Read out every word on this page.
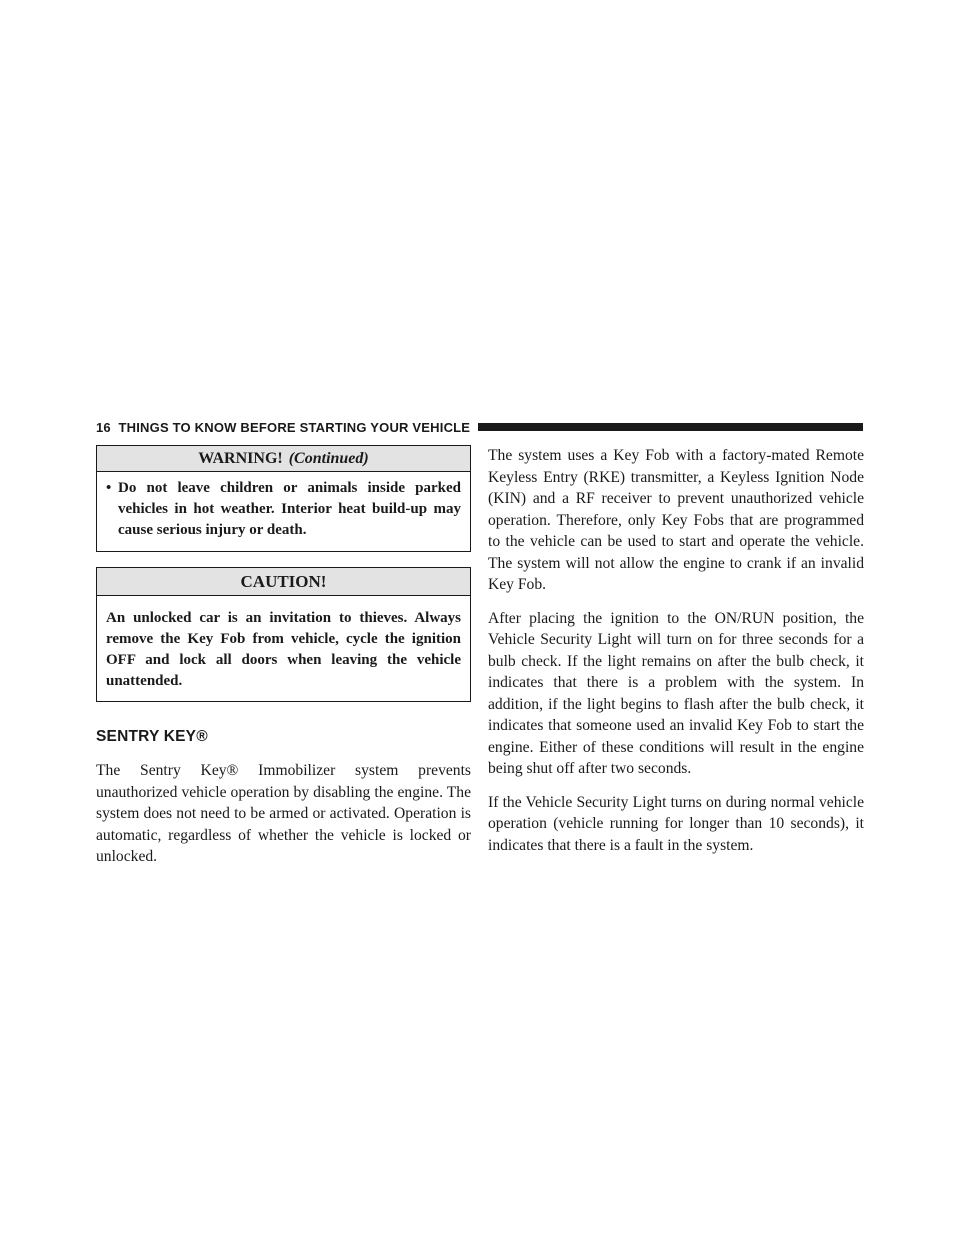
16 THINGS TO KNOW BEFORE STARTING YOUR VEHICLE
WARNING! (Continued)
• Do not leave children or animals inside parked vehicles in hot weather. Interior heat build-up may cause serious injury or death.
CAUTION!
An unlocked car is an invitation to thieves. Always remove the Key Fob from vehicle, cycle the ignition OFF and lock all doors when leaving the vehicle unattended.
SENTRY KEY®

The Sentry Key® Immobilizer system prevents unauthorized vehicle operation by disabling the engine. The system does not need to be armed or activated. Operation is automatic, regardless of whether the vehicle is locked or unlocked.

The system uses a Key Fob with a factory-mated Remote Keyless Entry (RKE) transmitter, a Keyless Ignition Node (KIN) and a RF receiver to prevent unauthorized vehicle operation. Therefore, only Key Fobs that are programmed to the vehicle can be used to start and operate the vehicle. The system will not allow the engine to crank if an invalid Key Fob.

After placing the ignition to the ON/RUN position, the Vehicle Security Light will turn on for three seconds for a bulb check. If the light remains on after the bulb check, it indicates that there is a problem with the system. In addition, if the light begins to flash after the bulb check, it indicates that someone used an invalid Key Fob to start the engine. Either of these conditions will result in the engine being shut off after two seconds.

If the Vehicle Security Light turns on during normal vehicle operation (vehicle running for longer than 10 seconds), it indicates that there is a fault in the system.
